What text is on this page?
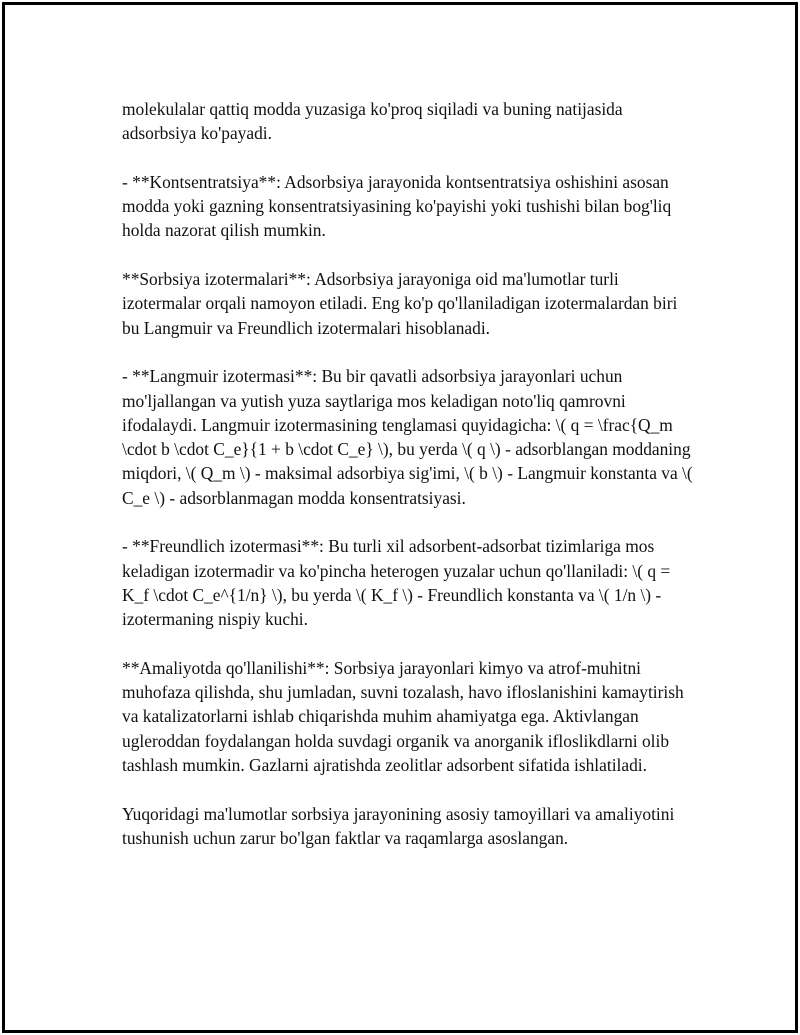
molekulalar qattiq modda yuzasiga ko'proq siqiladi va buning natijasida adsorbsiya ko'payadi.

- **Kontsentratsiya**: Adsorbsiya jarayonida kontsentratsiya oshishini asosan modda yoki gazning konsentratsiyasining ko'payishi yoki tushishi bilan bog'liq holda nazorat qilish mumkin.

**Sorbsiya izotermalari**: Adsorbsiya jarayoniga oid ma'lumotlar turli izotermalar orqali namoyon etiladi. Eng ko'p qo'llaniladigan izotermalardan biri bu Langmuir va Freundlich izotermalari hisoblanadi.

- **Langmuir izotermasi**: Bu bir qavatli adsorbsiya jarayonlari uchun mo'ljallangan va yutish yuza saytlariga mos keladigan noto'liq qamrovni ifodalaydi. Langmuir izotermasining tenglamasi quyidagicha: \( q = \frac{Q_m \cdot b \cdot C_e}{1 + b \cdot C_e} \), bu yerda \( q \) - adsorblangan moddaning miqdori, \( Q_m \) - maksimal adsorbiya sig'imi, \( b \) - Langmuir konstanta va \( C_e \) - adsorblanmagan modda konsentratsiyasi.

- **Freundlich izotermasi**: Bu turli xil adsorbent-adsorbat tizimlariga mos keladigan izotermadir va ko'pincha heterogen yuzalar uchun qo'llaniladi: \( q = K_f \cdot C_e^{1/n} \), bu yerda \( K_f \) - Freundlich konstanta va \( 1/n \) - izotermaning nispiy kuchi.

**Amaliyotda qo'llanilishi**: Sorbsiya jarayonlari kimyo va atrof-muhitni muhofaza qilishda, shu jumladan, suvni tozalash, havo ifloslanishini kamaytirish va katalizatorlarni ishlab chiqarishda muhim ahamiyatga ega. Aktivlangan ugleroddan foydalangan holda suvdagi organik va anorganik ifloslikdlarni olib tashlash mumkin. Gazlarni ajratishda zeolitlar adsorbent sifatida ishlatiladi.

Yuqoridagi ma'lumotlar sorbsiya jarayonining asosiy tamoyillari va amaliyotini tushunish uchun zarur bo'lgan faktlar va raqamlarga asoslangan.
